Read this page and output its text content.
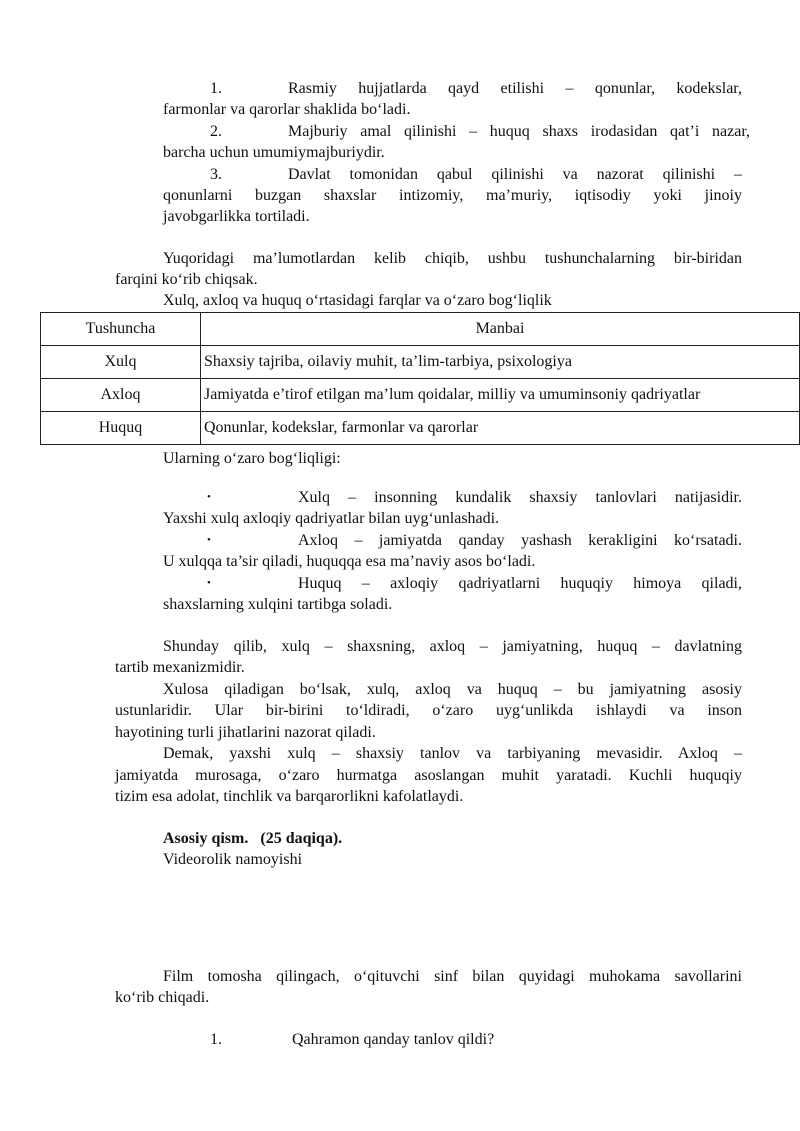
1.	Rasmiy hujjatlarda qayd etilishi – qonunlar, kodekslar,
farmonlar va qarorlar shaklida bo‘ladi.
2.	Majburiy amal qilinishi – huquq shaxs irodasidan qat’i nazar,
barcha uchun umumiymajburiydir.
3.	Davlat tomonidan qabul qilinishi va nazorat qilinishi –
qonunlarni buzgan shaxslar intizomiy, ma’muriy, iqtisodiy yoki jinoiy
javobgarlikka tortiladi.
Yuqoridagi ma’lumotlardan kelib chiqib, ushbu tushunchalarning bir-biridan
farqini ko‘rib chiqsak.
Xulq, axloq va huquq o‘rtasidagi farqlar va o‘zaro bog‘liqlik
Tushuncha	Manbai
Xulq	Shaxsiy tajriba, oilaviy muhit, ta’lim-tarbiya, psixologiya
Axloq	Jamiyatda e’tirof etilgan ma’lum qoidalar, milliy va umuminsoniy qadriyatlar
Huquq	Qonunlar, kodekslar, farmonlar va qarorlar
Ularning o‘zaro bog‘liqligi:
•	Xulq – insonning kundalik shaxsiy tanlovlari natijasidir.
Yaxshi xulq axloqiy qadriyatlar bilan uyg‘unlashadi.
•	Axloq – jamiyatda qanday yashash kerakligini ko‘rsatadi.
U xulqqa ta’sir qiladi, huquqqa esa ma’naviy asos bo‘ladi.
•	Huquq – axloqiy qadriyatlarni huquqiy himoya qiladi,
shaxslarning xulqini tartibga soladi.
Shunday qilib, xulq – shaxsning, axloq – jamiyatning, huquq – davlatning
tartib mexanizmidir.
Xulosa qiladigan bo‘lsak, xulq, axloq va huquq – bu jamiyatning asosiy
ustunlaridir. Ular bir-birini to‘ldiradi, o‘zaro uyg‘unlikda ishlaydi va inson
hayotining turli jihatlarini nazorat qiladi.
Demak, yaxshi xulq – shaxsiy tanlov va tarbiyaning mevasidir. Axloq –
jamiyatda murosaga, o‘zaro hurmatga asoslangan muhit yaratadi. Kuchli huquqiy
tizim esa adolat, tinchlik va barqarorlikni kafolatlaydi.
Asosiy qism. (25 daqiqa).
Videorolik namoyishi
Film tomosha qilingach, o‘qituvchi sinf bilan quyidagi muhokama savollarini
ko‘rib chiqadi.
1.	Qahramon qanday tanlov qildi?
